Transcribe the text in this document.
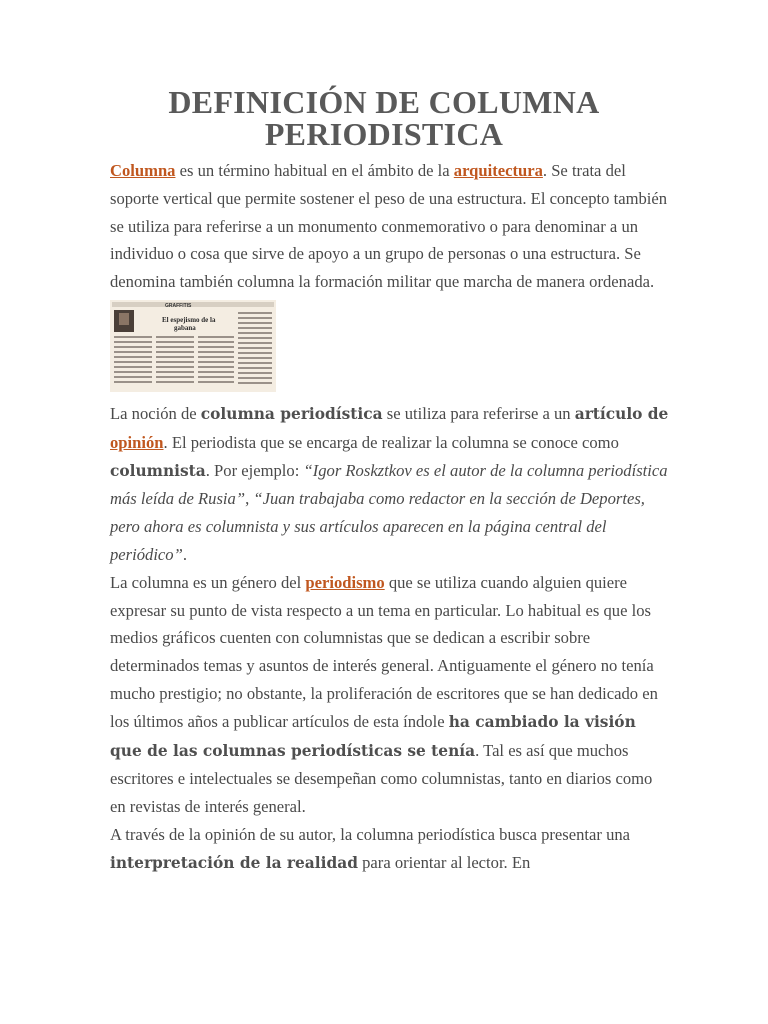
DEFINICIÓN DE COLUMNA
PERIODISTICA

Columna es un término habitual en el ámbito de la arquitectura. Se trata del soporte vertical que permite sostener el peso de una estructura. El concepto también se utiliza para referirse a un monumento conmemorativo o para denominar a un individuo o cosa que sirve de apoyo a un grupo de personas o una estructura. Se denomina también columna la formación militar que marcha de manera ordenada.

GRAFFITIS
El espejismo de la
gabana

La noción de columna periodística se utiliza para referirse a un artículo de opinión. El periodista que se encarga de realizar la columna se conoce como columnista. Por ejemplo: “Igor Roskztkov es el autor de la columna periodística más leída de Rusia”, “Juan trabajaba como redactor en la sección de Deportes, pero ahora es columnista y sus artículos aparecen en la página central del periódico”.

La columna es un género del periodismo que se utiliza cuando alguien quiere expresar su punto de vista respecto a un tema en particular. Lo habitual es que los medios gráficos cuenten con columnistas que se dedican a escribir sobre determinados temas y asuntos de interés general. Antiguamente el género no tenía mucho prestigio; no obstante, la proliferación de escritores que se han dedicado en los últimos años a publicar artículos de esta índole ha cambiado la visión que de las columnas periodísticas se tenía. Tal es así que muchos escritores e intelectuales se desempeñan como columnistas, tanto en diarios como en revistas de interés general.

A través de la opinión de su autor, la columna periodística busca presentar una interpretación de la realidad para orientar al lector. En
